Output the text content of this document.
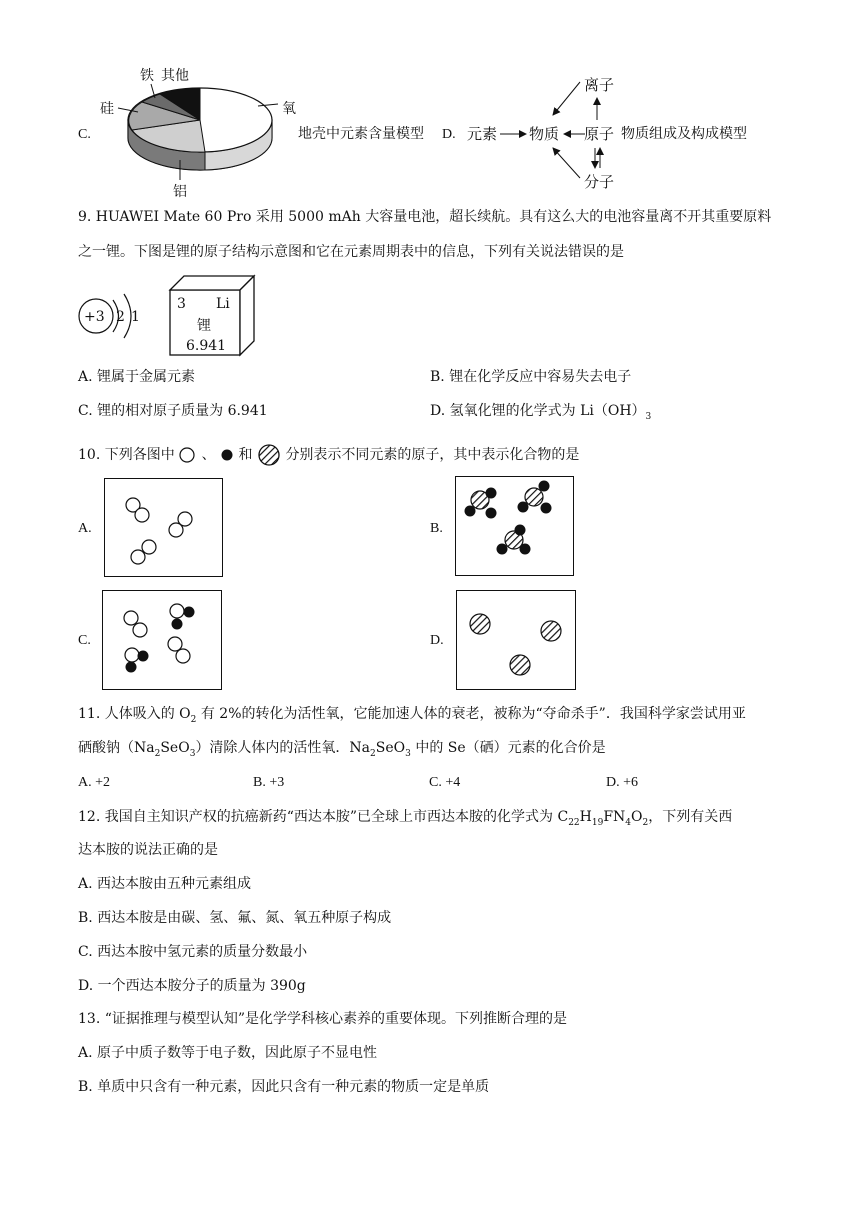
C.
铁 其他
硅	氧
铝
地壳中元素含量模型 D. 元素 物质 原子
离子
分子
物质组成及构成模型
9. HUAWEI Mate 60 Pro 采用 5000 mAh 大容量电池，超长续航。具有这么大的电池容量离不开其重要原料
之一锂。下图是锂的原子结构示意图和它在元素周期表中的信息，下列有关说法错误的是
+3 2 1
3 Li
锂
6.941
A. 锂属于金属元素	B. 锂在化学反应中容易失去电子
C. 锂的相对原子质量为 6.941	D. 氢氧化锂的化学式为 $Li(OH)_3$
10. 下列各图中 、 和 分别表示不同元素的原子，其中表示化合物的是
A.	B.
C.	D.
11. 人体吸入的 $O_2$ 有 2%的转化为活性氧，它能加速人体的衰老，被称为“夺命杀手”．我国科学家尝试用亚
硒酸钠$(Na_2SeO_3)$清除人体内的活性氧．$Na_2SeO_3$ 中的 Se（硒）元素的化合价是
A. +2	B. +3	C. +4	D. +6
12. 我国自主知识产权的抗癌新药“西达本胺”已全球上市西达本胺的化学式为 $C_{22}H_{19}FN_4O_2$，下列有关西
达本胺的说法正确的是
A. 西达本胺由五种元素组成
B. 西达本胺是由碳、氢、氟、氮、氧五种原子构成
C. 西达本胺中氢元素的质量分数最小
D. 一个西达本胺分子的质量为 390g
13. “证据推理与模型认知”是化学学科核心素养的重要体现。下列推断合理的是
A. 原子中质子数等于电子数，因此原子不显电性
B. 单质中只含有一种元素，因此只含有一种元素的物质一定是单质
